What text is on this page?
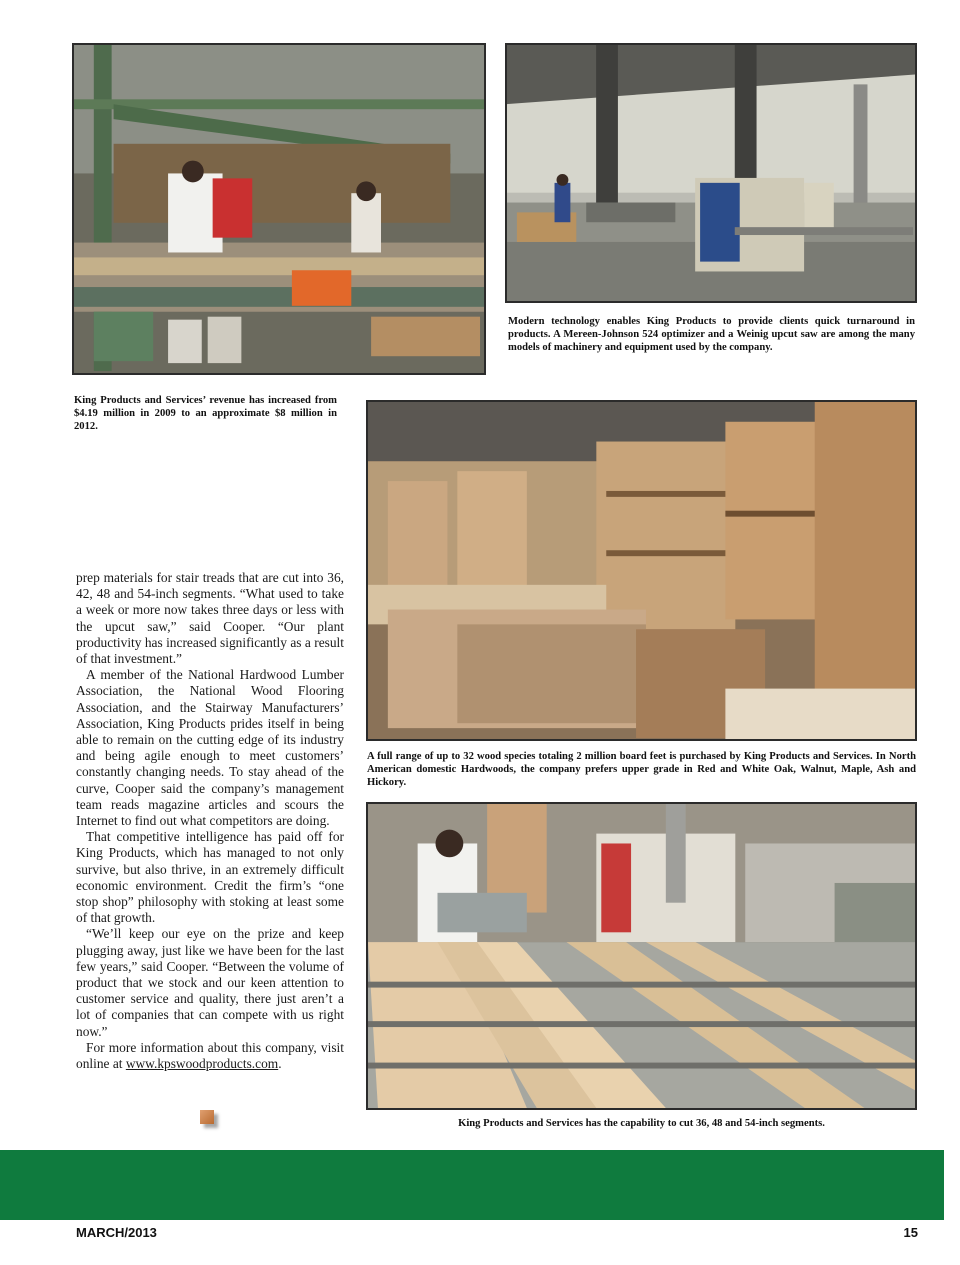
Modern technology enables King Products to provide clients quick turnaround in products. A Mereen-Johnson 524 optimizer and a Weinig upcut saw are among the many models of machinery and equipment used by the company.
King Products and Services’ revenue has increased from $4.19 million in 2009 to an approximate $8 million in 2012.
A full range of up to 32 wood species totaling 2 million board feet is purchased by King Products and Services. In North American domestic Hardwoods, the company prefers upper grade in Red and White Oak, Walnut, Maple, Ash and Hickory.
King Products and Services has the capability to cut 36, 48 and 54-inch segments.

prep materials for stair treads that are cut into 36, 42, 48 and 54-inch segments. “What used to take a week or more now takes three days or less with the upcut saw,” said Cooper. “Our plant productivity has increased significantly as a result of that investment.”

A member of the National Hardwood Lumber Association, the National Wood Flooring Association, and the Stairway Manufacturers’ Association, King Products prides itself in being able to remain on the cutting edge of its industry and being agile enough to meet customers’ constantly changing needs. To stay ahead of the curve, Cooper said the company’s management team reads magazine articles and scours the Internet to find out what competitors are doing.

That competitive intelligence has paid off for King Products, which has managed to not only survive, but also thrive, in an extremely difficult economic environment. Credit the firm’s “one stop shop” philosophy with stoking at least some of that growth.

“We’ll keep our eye on the prize and keep plugging away, just like we have been for the last few years,” said Cooper. “Between the volume of product that we stock and our keen attention to customer service and quality, there just aren’t a lot of companies that can compete with us right now.”

For more information about this company, visit online at www.kpswoodproducts.com.

MARCH/2013	15
